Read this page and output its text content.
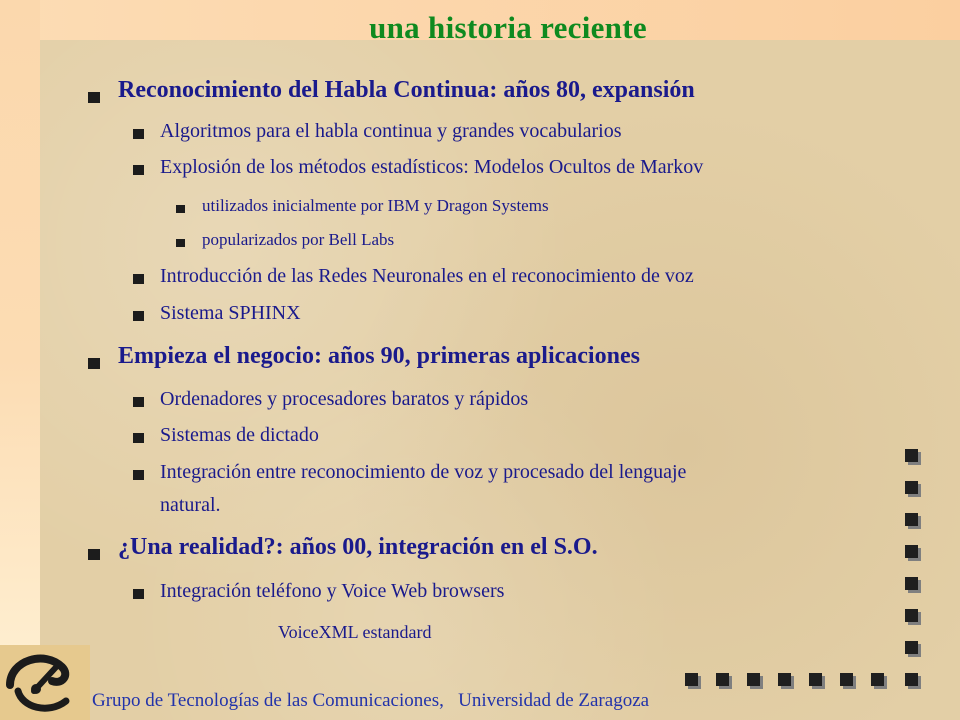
una historia reciente
Reconocimiento del Habla Continua: años 80, expansión
Algoritmos para el habla continua y grandes vocabularios
Explosión de los métodos estadísticos: Modelos Ocultos de Markov
utilizados inicialmente por IBM y Dragon Systems
popularizados por Bell Labs
Introducción de las Redes Neuronales en el reconocimiento de voz
Sistema SPHINX
Empieza el negocio: años 90, primeras aplicaciones
Ordenadores y procesadores baratos y rápidos
Sistemas de dictado
Integración entre reconocimiento de voz y procesado del lenguaje
natural.
¿Una realidad?: años 00, integración en el S.O.
Integración teléfono y Voice Web browsers
VoiceXML estandard
Grupo de Tecnologías de las Comunicaciones,   Universidad de Zaragoza
